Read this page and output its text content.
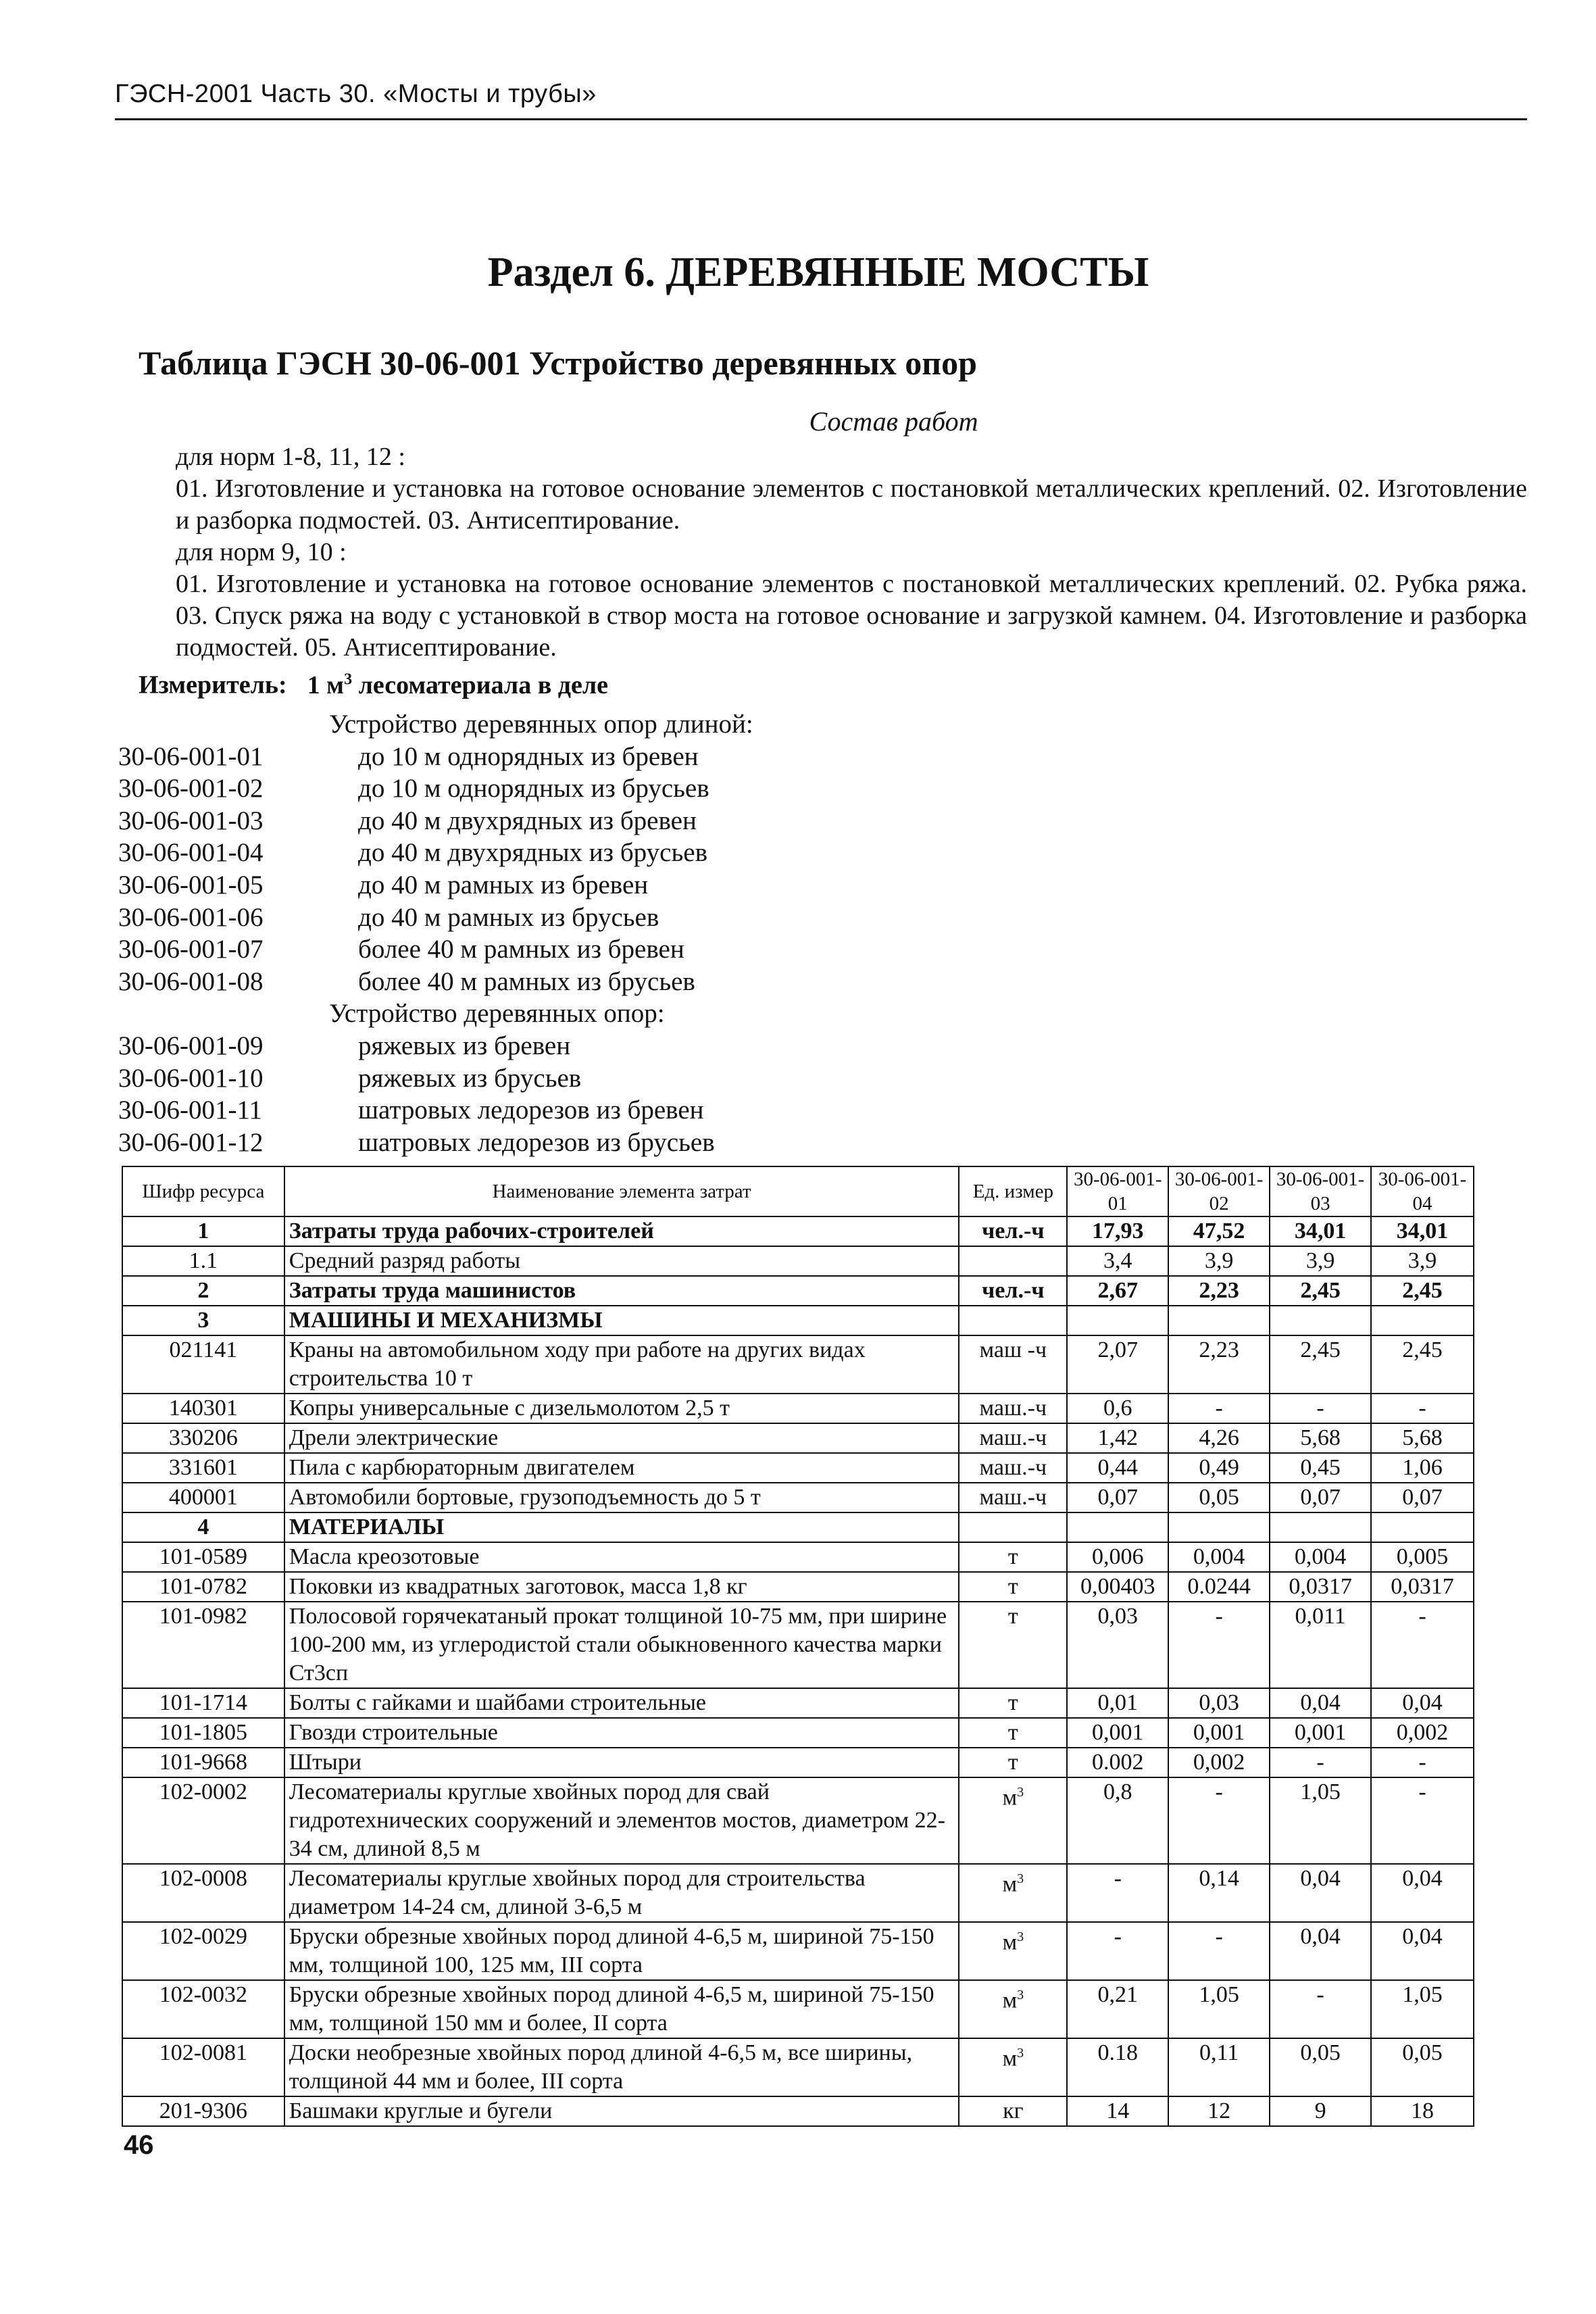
ГЭСН-2001 Часть 30. «Мосты и трубы»
Раздел 6. ДЕРЕВЯННЫЕ МОСТЫ
Таблица ГЭСН 30-06-001 Устройство деревянных опор

Состав работ

для норм 1-8, 11, 12 :

01. Изготовление и установка на готовое основание элементов с постановкой металлических креплений. 02. Изготовление и разборка подмостей. 03. Антисептирование.

для норм 9, 10 :

01. Изготовление и установка на готовое основание элементов с постановкой металлических креплений. 02. Рубка ряжа. 03. Спуск ряжа на воду с установкой в створ моста на готовое основание и загрузкой камнем. 04. Изготовление и разборка подмостей. 05. Антисептирование.

Измеритель: 1 $м^3$ лесоматериала в деле

Устройство деревянных опор длиной:
30-06-001-01	до 10 м однорядных из бревен
30-06-001-02	до 10 м однорядных из брусьев
30-06-001-03	до 40 м двухрядных из бревен
30-06-001-04	до 40 м двухрядных из брусьев
30-06-001-05	до 40 м рамных из бревен
30-06-001-06	до 40 м рамных из брусьев
30-06-001-07	более 40 м рамных из бревен
30-06-001-08	более 40 м рамных из брусьев
Устройство деревянных опор:
30-06-001-09	ряжевых из бревен
30-06-001-10	ряжевых из брусьев
30-06-001-11	шатровых ледорезов из бревен
30-06-001-12	шатровых ледорезов из брусьев
Шифр ресурса	Наименование элемента затрат	Ед. измер	30-06-001-01	30-06-001-02	30-06-001-03	30-06-001-04
1	Затраты труда рабочих-строителей	чел.-ч	17,93	47,52	34,01	34,01
1.1	Средний разряд работы		3,4	3,9	3,9	3,9
2	Затраты труда машинистов	чел.-ч	2,67	2,23	2,45	2,45
3	МАШИНЫ И МЕХАНИЗМЫ					
021141	Краны на автомобильном ходу при работе на других видах строительства 10 т	маш -ч	2,07	2,23	2,45	2,45
140301	Копры универсальные с дизельмолотом 2,5 т	маш.-ч	0,6	-	-	-
330206	Дрели электрические	маш.-ч	1,42	4,26	5,68	5,68
331601	Пила с карбюраторным двигателем	маш.-ч	0,44	0,49	0,45	1,06
400001	Автомобили бортовые, грузоподъемность до 5 т	маш.-ч	0,07	0,05	0,07	0,07
4	МАТЕРИАЛЫ					
101-0589	Масла креозотовые	т	0,006	0,004	0,004	0,005
101-0782	Поковки из квадратных заготовок, масса 1,8 кг	т	0,00403	0.0244	0,0317	0,0317
101-0982	Полосовой горячекатаный прокат толщиной 10-75 мм, при ширине 100-200 мм, из углеродистой стали обыкновенного качества марки Ст3сп	т	0,03	-	0,011	-
101-1714	Болты с гайками и шайбами строительные	т	0,01	0,03	0,04	0,04
101-1805	Гвозди строительные	т	0,001	0,001	0,001	0,002
101-9668	Штыри	т	0.002	0,002	-	-
102-0002	Лесоматериалы круглые хвойных пород для свай гидротехнических сооружений и элементов мостов, диаметром 22-34 см, длиной 8,5 м	$м^3$	0,8	-	1,05	-
102-0008	Лесоматериалы круглые хвойных пород для строительства диаметром 14-24 см, длиной 3-6,5 м	$м^3$	-	0,14	0,04	0,04
102-0029	Бруски обрезные хвойных пород длиной 4-6,5 м, шириной 75-150 мм, толщиной 100, 125 мм, III сорта	$м^3$	-	-	0,04	0,04
102-0032	Бруски обрезные хвойных пород длиной 4-6,5 м, шириной 75-150 мм, толщиной 150 мм и более, II сорта	$м^3$	0,21	1,05	-	1,05
102-0081	Доски необрезные хвойных пород длиной 4-6,5 м, все ширины, толщиной 44 мм и более, III сорта	$м^3$	0.18	0,11	0,05	0,05
201-9306	Башмаки круглые и бугели	кг	14	12	9	18
46
